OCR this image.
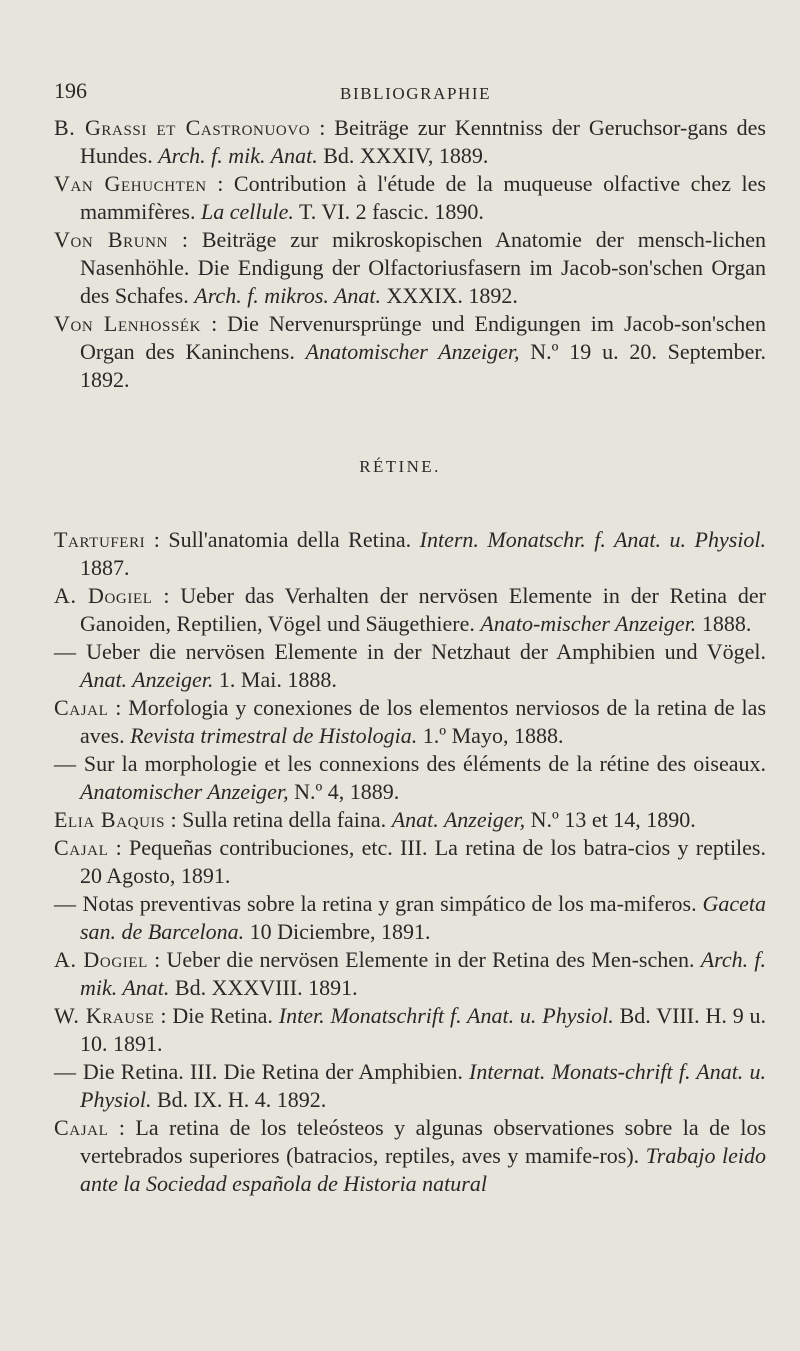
196	BIBLIOGRAPHIE

B. Grassi et Castronuovo : Beiträge zur Kenntniss der Geruchsor-gans des Hundes. Arch. f. mik. Anat. Bd. XXXIV, 1889.

Van Gehuchten : Contribution à l'étude de la muqueuse olfactive chez les mammifères. La cellule. T. VI. 2 fascic. 1890.

Von Brunn : Beiträge zur mikroskopischen Anatomie der mensch-lichen Nasenhöhle. Die Endigung der Olfactoriusfasern im Jacob-son'schen Organ des Schafes. Arch. f. mikros. Anat. XXXIX. 1892.

Von Lenhossék : Die Nervenursprünge und Endigungen im Jacob-son'schen Organ des Kaninchens. Anatomischer Anzeiger, N.º 19 u. 20. September. 1892.

RÉTINE.

Tartuferi : Sull'anatomia della Retina. Intern. Monatschr. f. Anat. u. Physiol. 1887.

A. Dogiel : Ueber das Verhalten der nervösen Elemente in der Retina der Ganoiden, Reptilien, Vögel und Säugethiere. Anato-mischer Anzeiger. 1888.

— Ueber die nervösen Elemente in der Netzhaut der Amphibien und Vögel. Anat. Anzeiger. 1. Mai. 1888.

Cajal : Morfologia y conexiones de los elementos nerviosos de la retina de las aves. Revista trimestral de Histologia. 1.º Mayo, 1888.

— Sur la morphologie et les connexions des éléments de la rétine des oiseaux. Anatomischer Anzeiger, N.º 4, 1889.

Elia Baquis : Sulla retina della faina. Anat. Anzeiger, N.º 13 et 14, 1890.

Cajal : Pequeñas contribuciones, etc. III. La retina de los batra-cios y reptiles. 20 Agosto, 1891.

— Notas preventivas sobre la retina y gran simpático de los ma-miferos. Gaceta san. de Barcelona. 10 Diciembre, 1891.

A. Dogiel : Ueber die nervösen Elemente in der Retina des Men-schen. Arch. f. mik. Anat. Bd. XXXVIII. 1891.

W. Krause : Die Retina. Inter. Monatschrift f. Anat. u. Physiol. Bd. VIII. H. 9 u. 10. 1891.

— Die Retina. III. Die Retina der Amphibien. Internat. Monats-chrift f. Anat. u. Physiol. Bd. IX. H. 4. 1892.

Cajal : La retina de los teleósteos y algunas observationes sobre la de los vertebrados superiores (batracios, reptiles, aves y mamife-ros). Trabajo leido ante la Sociedad española de Historia natural
